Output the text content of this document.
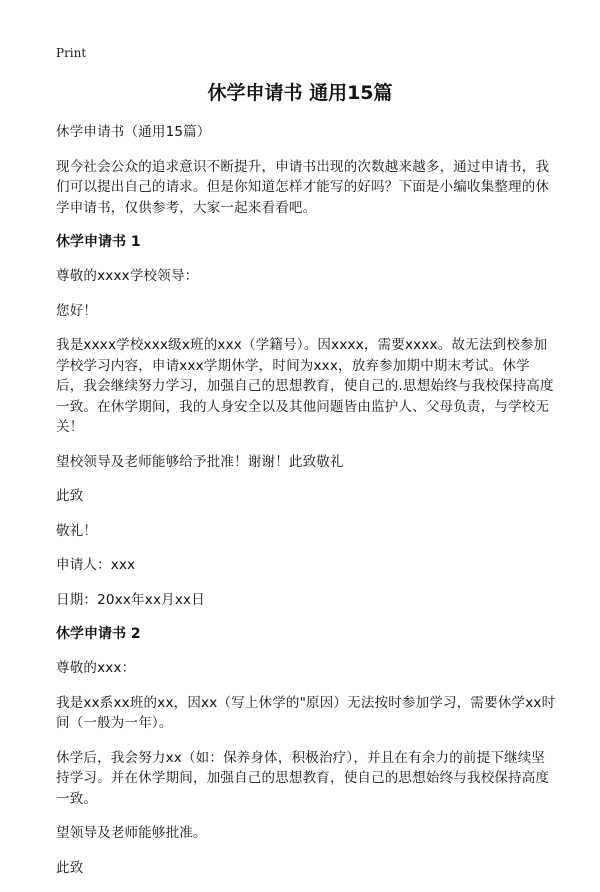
Print
休学申请书 通用15篇

休学申请书（通用15篇）

现今社会公众的追求意识不断提升，申请书出现的次数越来越多，通过申请书，我们可以提出自己的请求。但是你知道怎样才能写的好吗？下面是小编收集整理的休学申请书，仅供参考，大家一起来看看吧。

休学申请书 1

尊敬的xxxx学校领导：

您好！

我是xxxx学校xxx级x班的xxx（学籍号）。因xxxx，需要xxxx。故无法到校参加学校学习内容，申请xxx学期休学，时间为xxx，放弃参加期中期末考试。休学后，我会继续努力学习，加强自己的思想教育，使自己的.思想始终与我校保持高度一致。在休学期间，我的人身安全以及其他问题皆由监护人、父母负责，与学校无关！

望校领导及老师能够给予批准！谢谢！此致敬礼

此致

敬礼！

申请人：xxx

日期：20xx年xx月xx日

休学申请书 2

尊敬的xxx：

我是xx系xx班的xx，因xx（写上休学的"原因）无法按时参加学习，需要休学xx时间（一般为一年）。

休学后，我会努力xx（如：保养身体，积极治疗），并且在有余力的前提下继续坚持学习。并在休学期间，加强自己的思想教育，使自己的思想始终与我校保持高度一致。

望领导及老师能够批准。

此致
